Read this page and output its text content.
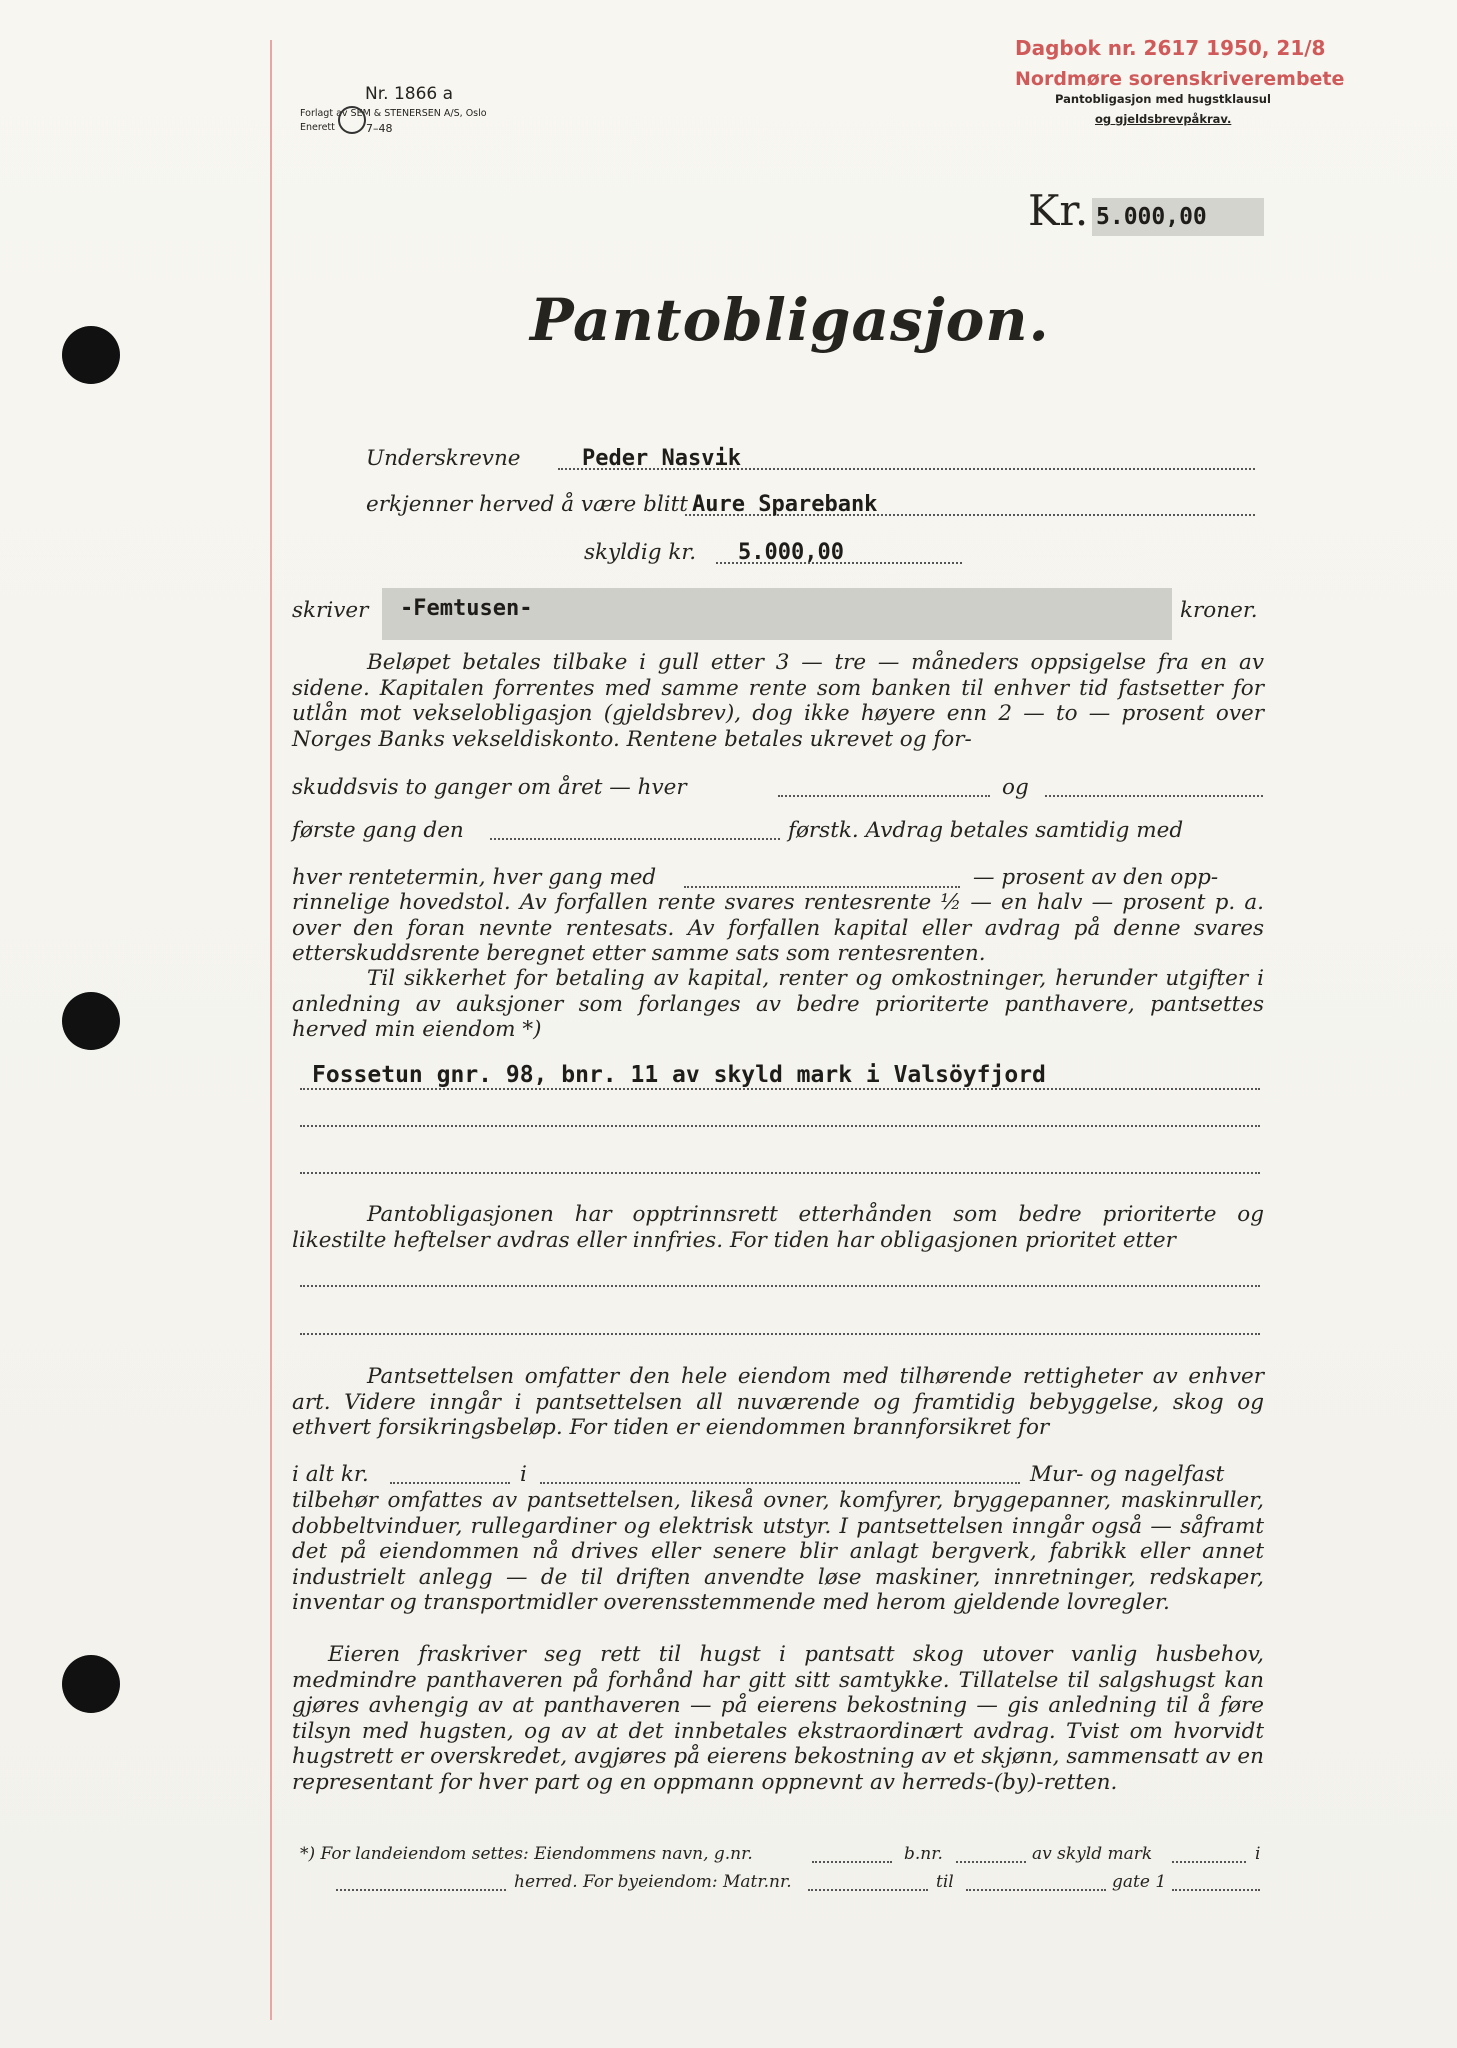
Nr. 1866 a
Forlagt av SEM & STENERSEN A/S, Oslo
Enerett	7–48
Dagbok nr. 2617 1950, 21/8
Nordmøre sorenskriverembete
Pantobligasjon med hugstklausul
og gjeldsbrevpåkrav.
Kr. 5.000,00
Pantobligasjon.
Underskrevne	Peder Nasvik
erkjenner herved å være blitt Aure Sparebank
skyldig kr. 5.000,00
skriver -Femtusen-	kroner.
Beløpet betales tilbake i gull etter 3 — tre — måneders oppsigelse fra en av sidene. Kapitalen forrentes med samme rente som banken til enhver tid fastsetter for utlån mot vekselobligasjon (gjeldsbrev), dog ikke høyere enn 2 — to — prosent over Norges Banks vekseldiskonto. Rentene betales ukrevet og for-
skuddsvis to ganger om året — hver	og
første gang den	førstk. Avdrag betales samtidig med
hver rentetermin, hver gang med	— prosent av den opp-
rinnelige hovedstol. Av forfallen rente svares rentesrente ½ — en halv — prosent p. a. over den foran nevnte rentesats. Av forfallen kapital eller avdrag på denne svares etterskuddsrente beregnet etter samme sats som rentesrenten.
Til sikkerhet for betaling av kapital, renter og omkostninger, herunder utgifter i anledning av auksjoner som forlanges av bedre prioriterte panthavere, pantsettes herved min eiendom *)
Fossetun gnr. 98, bnr. 11 av skyld mark i Valsöyfjord
Pantobligasjonen har opptrinnsrett etterhånden som bedre prioriterte og likestilte heftelser avdras eller innfries. For tiden har obligasjonen prioritet etter
Pantsettelsen omfatter den hele eiendom med tilhørende rettigheter av enhver art. Videre inngår i pantsettelsen all nuværende og framtidig bebyggelse, skog og ethvert forsikringsbeløp. For tiden er eiendommen brannforsikret for
i alt kr.	i	Mur- og nagelfast
tilbehør omfattes av pantsettelsen, likeså ovner, komfyrer, bryggepanner, maskinruller, dobbeltvinduer, rullegardiner og elektrisk utstyr. I pantsettelsen inngår også — såframt det på eiendommen nå drives eller senere blir anlagt bergverk, fabrikk eller annet industrielt anlegg — de til driften anvendte løse maskiner, innretninger, redskaper, inventar og transportmidler overensstemmende med herom gjeldende lovregler.
Eieren fraskriver seg rett til hugst i pantsatt skog utover vanlig husbehov, medmindre panthaveren på forhånd har gitt sitt samtykke. Tillatelse til salgshugst kan gjøres avhengig av at panthaveren — på eierens bekostning — gis anledning til å føre tilsyn med hugsten, og av at det innbetales ekstraordinært avdrag. Tvist om hvorvidt hugstrett er overskredet, avgjøres på eierens bekostning av et skjønn, sammensatt av en representant for hver part og en oppmann oppnevnt av herreds-(by)-retten.
*) For landeiendom settes: Eiendommens navn, g.nr.	b.nr.	av skyld mark	i
herred. For byeiendom: Matr.nr.	til	gate 1
